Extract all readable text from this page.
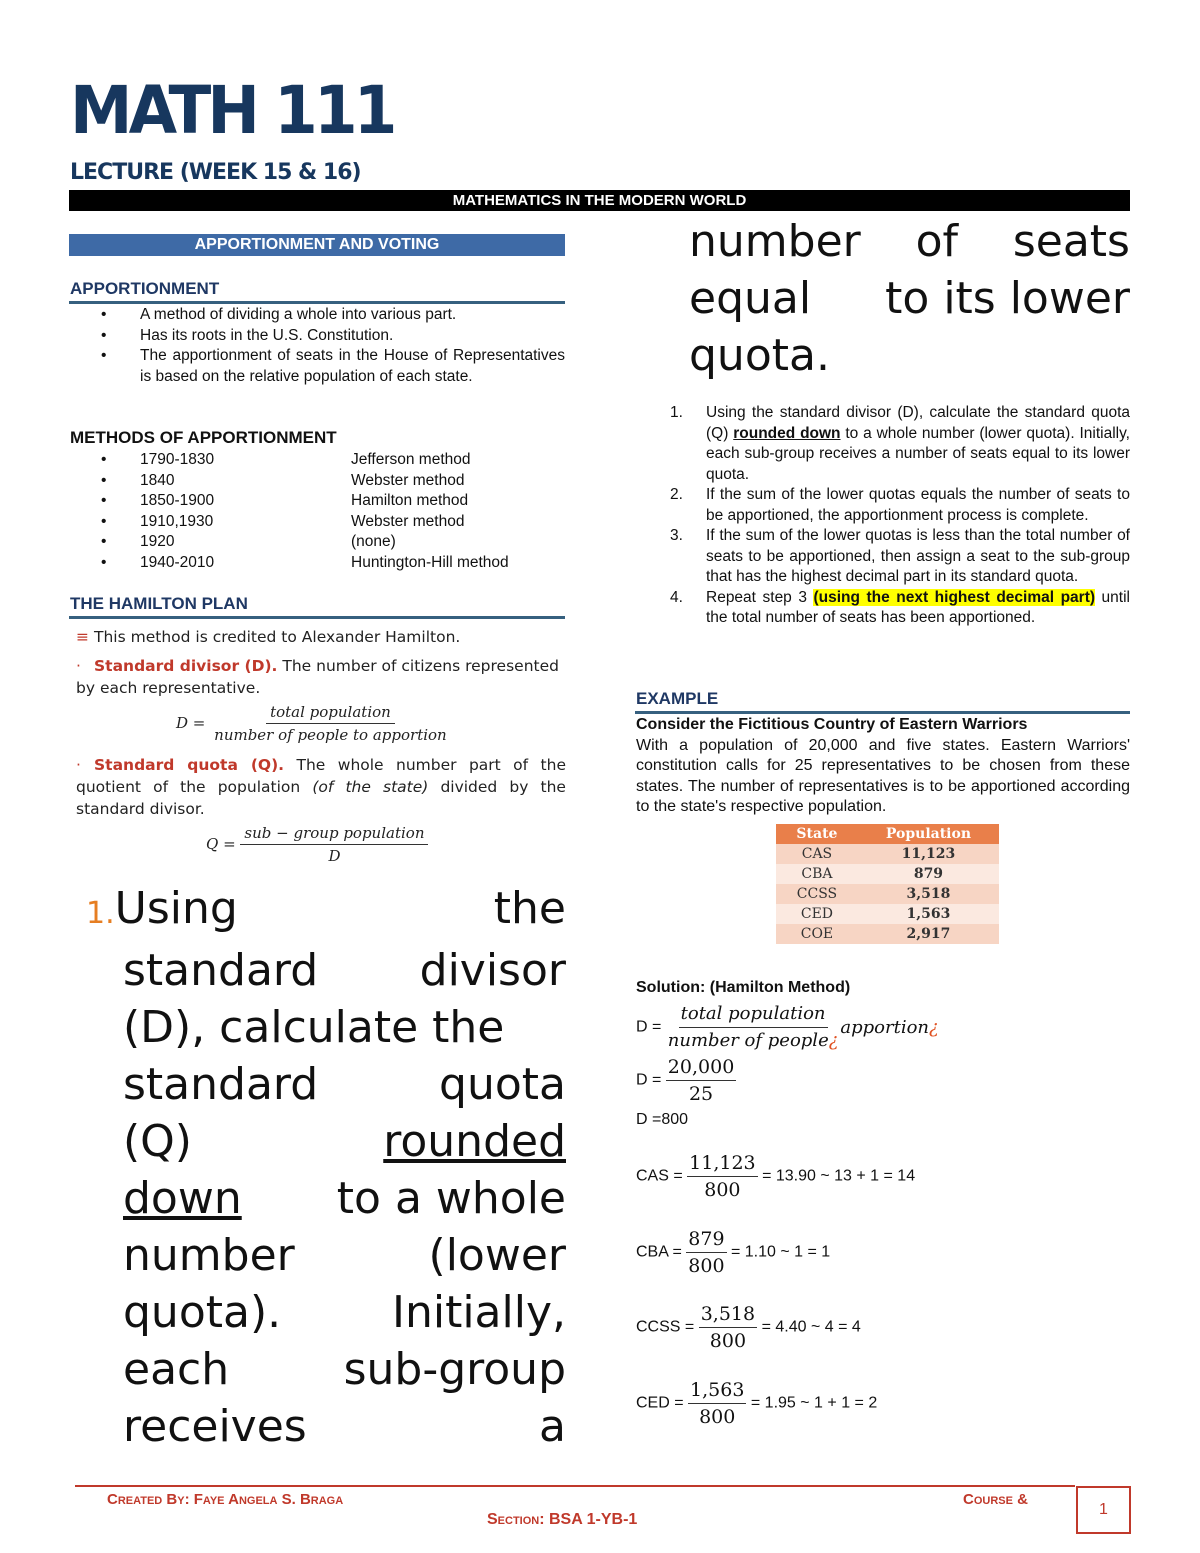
MATH 111
LECTURE (WEEK 15 & 16)
MATHEMATICS IN THE MODERN WORLD
APPORTIONMENT AND VOTING
APPORTIONMENT
• A method of dividing a whole into various part.
• Has its roots in the U.S. Constitution.
• The apportionment of seats in the House of Representatives is based on the relative population of each state.
METHODS OF APPORTIONMENT
• 1790-1830	Jefferson method
• 1840	Webster method
• 1850-1900	Hamilton method
• 1910,1930	Webster method
• 1920	(none)
• 1940-2010	Huntington-Hill method
THE HAMILTON PLAN
≡ This method is credited to Alexander Hamilton.
· Standard divisor (D). The number of citizens represented by each representative.
$D = \frac{\text{total population}}{\text{number of people to apportion}}$
· Standard quota (Q). The whole number part of the quotient of the population (of the state) divided by the standard divisor.
$Q = \frac{\text{sub − group population}}{D}$
1.Using	the
standard divisor
(D), calculate the
standard	quota
(Q)	rounded
down to a whole
number	(lower
quota).	Initially,
each	sub-group
receives	a
number of seats
equal to its lower
quota.
1. Using the standard divisor (D), calculate the standard quota (Q) rounded down to a whole number (lower quota). Initially, each sub-group receives a number of seats equal to its lower quota.
2. If the sum of the lower quotas equals the number of seats to be apportioned, the apportionment process is complete.
3. If the sum of the lower quotas is less than the total number of seats to be apportioned, then assign a seat to the sub-group that has the highest decimal part in its standard quota.
4. Repeat step 3 (using the next highest decimal part) until the total number of seats has been apportioned.
EXAMPLE
Consider the Fictitious Country of Eastern Warriors
With a population of 20,000 and five states. Eastern Warriors' constitution calls for 25 representatives to be chosen from these states. The number of representatives is to be apportioned according to the state's respective population.
State	Population
CAS	11,123
CBA	879
CCSS	3,518
CED	1,563
COE	2,917
Solution: (Hamilton Method)
$D = \frac{\text{total population}}{\text{number of people¿}}$ apportion¿
$D = \frac{20,000}{25}$
D =800
CAS = $\frac{11,123}{800} = 13.90$ ~ 13 + 1 = 14
CBA = $\frac{879}{800} = 1.10$ ~ 1 = 1
CCSS = $\frac{3,518}{800} = 4.40$ ~ 4 = 4
CED = $\frac{1,563}{800} = 1.95$ ~ 1 + 1 = 2
Created By: Faye Angela S. Braga	Course &
Section: BSA 1-YB-1
1
